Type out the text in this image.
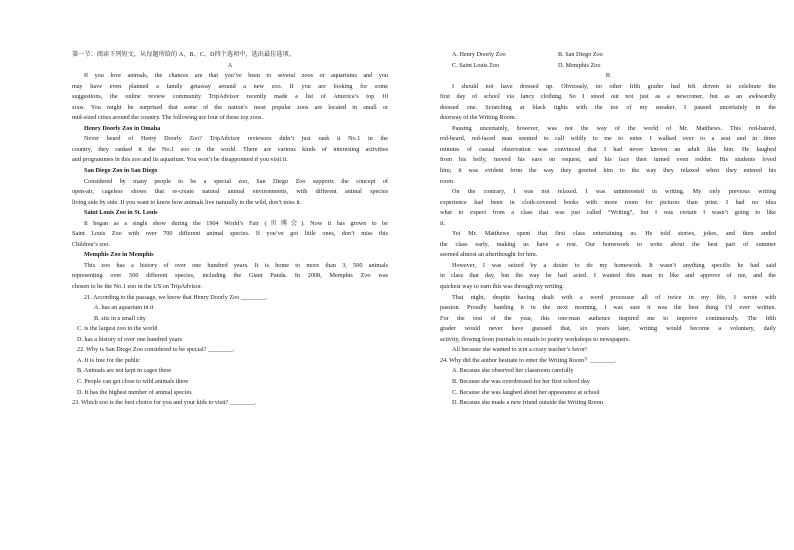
第一节：阅读下列短文，从每题所给的 A、B、C、D四个选项中，选出最佳选项。
A
If you love animals, the chances are that you’ve been to several zoos or aquariums and you
may have even planned a family getaway around a new zoo. If you are looking for some
suggestions, the online review community TripAdvisor recently made a list of America’s top 10
zoos. You might be surprised that some of the nation’s most popular zoos are located in small or
mid-sized cities around the country. The following are four of these top zoos.
Henry Doorly Zoo in Omaha
Never heard of Henry Doorly Zoo? TripAdvisor reviewers didn’t just rank it No.1 in the
country, they ranked it the No.1 zoo in the world. There are various kinds of interesting activities
and programmes in this zoo and its aquarium. You won’t be disappointed if you visit it.
San Diego Zoo in San Diego
Considered by many people to be a special zoo, San Diego Zoo supports the concept of
open-air, cageless shows that re-create natural animal environments, with different animal species
living side by side. If you want to know how animals live naturally in the wild, don’t miss it.
Saint Louis Zoo in St. Louis
It began as a single show during the 1904 World’s Fair (世博会). Now it has grown to be
Saint Louis Zoo with over 700 different animal species. If you’ve got little ones, don’t miss this
Children’s zoo.
Memphis Zoo in Memphis
This zoo has a history of over one hundred years. It is home to more than 3, 500 animals
representing over 500 different species, including the Giant Panda. In 2008, Memphis Zoo was
chosen to be the No.1 zoo in the US on TripAdvisor.
21. According to the passage, we know that Henry Doorly Zoo ________.
A. has an aquarium in it
B. sits in a small city
C. is the largest zoo in the world
D. has a history of over one hundred years
22. Why is San Diego Zoo considered to be special? ________.
A. It is free for the public
B. Animals are not kept in cages there
C. People can get close to wild animals there
D. It has the highest number of animal species
23. Which zoo is the best choice for you and your kids to visit? ________.
A. Henry Doorly Zoo	B. San Diego Zoo
C. Saint Louis Zoo	D. Memphis Zoo
B
I should not have dressed up. Obviously, no other fifth grader had felt driven to celebrate the
first day of school via fancy clothing. So I stood out not just as a newcomer, but as an awkwardly
dressed one. Scratching at black tights with the toe of my sneaker, I paused uncertainly in the
doorway of the Writing Room.
Pausing uncertainly, however, was not the way of the world of Mr. Matthews. This red-haired,
red-beard, red-faced man seemed to call wildly to me to enter. I walked over to a seat and in three
minutes of casual observation was convinced that I had never known an adult like him. He laughed
from his belly, moved his ears on request, and his face then turned even redder. His students loved
him; it was evident from the way they greeted him to the way they relaxed when they entered his
room.
On the contrary, I was not relaxed. I was uninterested in writing. My only previous writing
experience had been in cloth-covered books with more room for pictures than print. I had no idea
what to expect from a class that was just called “Writing”, but I was certain I wasn’t going to like
it.
Yet Mr. Matthews spent that first class entertaining us. He told stories, jokes, and then ended
the class early, making us have a rest. Our homework to write about the best part of summer
seemed almost an afterthought for him.
However, I was seized by a desire to do my homework. It wasn’t anything specific he had said
in class that day, but the way he had acted. I wanted this man to like and approve of me, and the
quickest way to earn this was through my writing.
That night, despite having dealt with a word processor all of twice in my life, I wrote with
passion. Proudly handing it in the next morning, I was sure it was the best thing I’d ever written.
For the rest of the year, this one-man audience inspired me to improve continuously. The fifth
grader would never have guessed that, six years later, writing would become a voluntary, daily
activity, flowing from journals to emails to poetry workshops to newspapers.
All because she wanted to win a crazy teacher’s favor!
24. Why did the author hesitate to enter the Writing Room？________.
A. Because she observed her classroom carefully
B. Because she was overdressed for her first school day
C. Because she was laughed about her appearance at school
D. Because she made a new friend outside the Writing Room
